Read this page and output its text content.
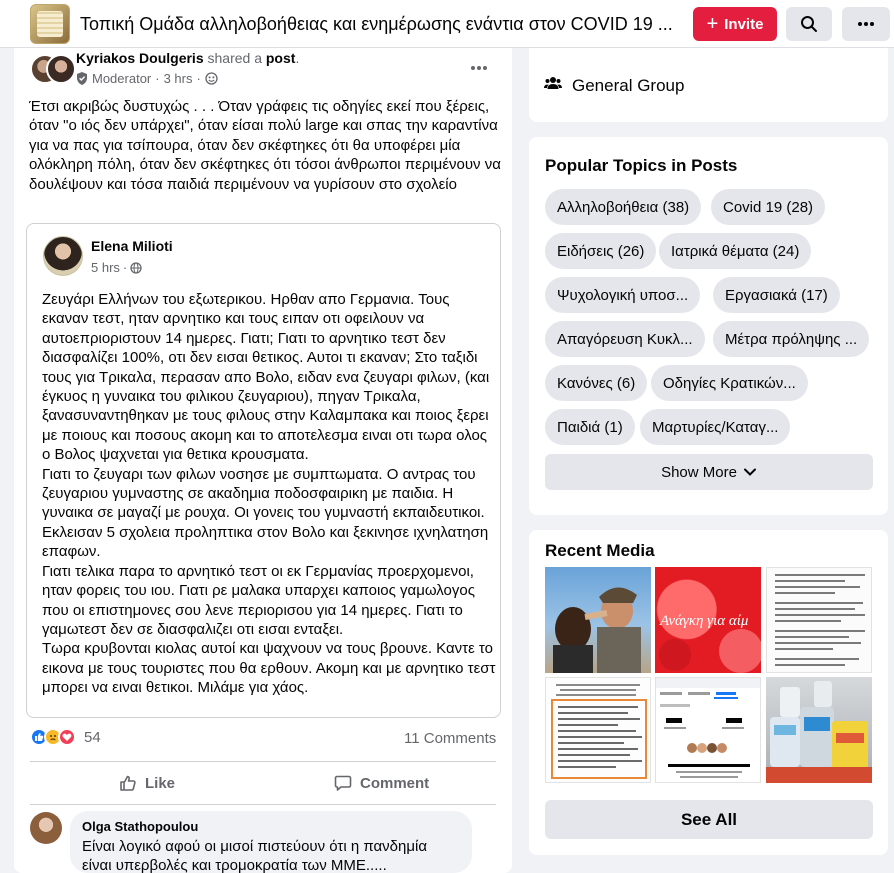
Τοπική Ομάδα αλληλοβοήθειας και ενημέρωσης ενάντια στον COVID 19 ... + Invite
Kyriakos Doulgeris shared a post.
Moderator · 3 hrs ·
Έτσι ακριβώς δυστυχώς . . . Όταν γράφεις τις οδηγίες εκεί που ξέρεις, όταν "ο ιός δεν υπάρχει", όταν είσαι πολύ large και σπας την καραντίνα για να πας για τσίπουρα, όταν δεν σκέφτηκες ότι θα υποφέρει μία ολόκληρη πόλη, όταν δεν σκέφτηκες ότι τόσοι άνθρωποι περιμένουν να δουλέψουν και τόσα παιδιά περιμένουν να γυρίσουν στο σχολείο
Elena Milioti
5 hrs ·
Ζευγάρι Ελλήνων του εξωτερικου. Ηρθαν απο Γερμανια. Τους εκαναν τεστ, ηταν αρνητικο και τους ειπαν οτι οφειλουν να αυτοεπριοριστουν 14 ημερες. Γιατι; Γιατι το αρνητικο τεστ δεν διασφαλίζει 100%, οτι δεν εισαι θετικος. Αυτοι τι εκαναν; Στο ταξιδι τους για Τρικαλα, περασαν απο Βολο, ειδαν ενα ζευγαρι φιλων, (και έγκυος η γυναικα του φιλικου ζευγαριου), πηγαν Τρικαλα, ξανασυναντηθηκαν με τους φιλους στην Καλαμπακα και ποιος ξερει με ποιους και ποσους ακομη και το αποτελεσμα ειναι οτι τωρα ολος ο Βολος ψαχνεται για θετικα κρουσματα.
Γιατι το ζευγαρι των φιλων νοσησε με συμπτωματα. Ο αντρας του ζευγαριου γυμναστης σε ακαδημια ποδοσφαιρικη με παιδια. Η γυναικα σε μαγαζί με ρουχα. Οι γονεις του γυμναστή εκπαιδευτικοι. Εκλεισαν 5 σχολεια προληπτικα στον Βολο και ξεκινησε ιχνηλατηση επαφων.
Γιατι τελικα παρα το αρνητικό τεστ οι εκ Γερμανίας προερχομενοι, ηταν φορεις του ιου. Γιατι ρε μαλακα υπαρχει καποιος γαμωλογος που οι επιστημονες σου λενε περιορισου για 14 ημερες. Γιατι το γαμωτεστ δεν σε διασφαλιζει οτι εισαι ενταξει.
Τωρα κρυβονται κιολας αυτοί και ψαχνουν να τους βρουνε. Καντε το εικονα με τους τουριστες που θα ερθουν. Ακομη και με αρνητικο τεστ μπορει να ειναι θετικοι. Μιλάμε για χάος.
54	11 Comments
Like	Comment
Olga Stathopoulou
Είναι λογικό αφού οι μισοί πιστεύουν ότι η πανδημία είναι υπερβολές και τρομοκρατία των ΜΜΕ.....
General Group
Popular Topics in Posts
Αλληλοβοήθεια (38)	Covid 19 (28)
Ειδήσεις (26)	Ιατρικά θέματα (24)
Ψυχολογική υποσ...	Εργασιακά (17)
Απαγόρευση Κυκλ...	Μέτρα πρόληψης ...
Κανόνες (6)	Οδηγίες Κρατικών...
Παιδιά (1)	Μαρτυρίες/Καταγ...
Show More
Recent Media
Ανάγκη για αίμ
See All
